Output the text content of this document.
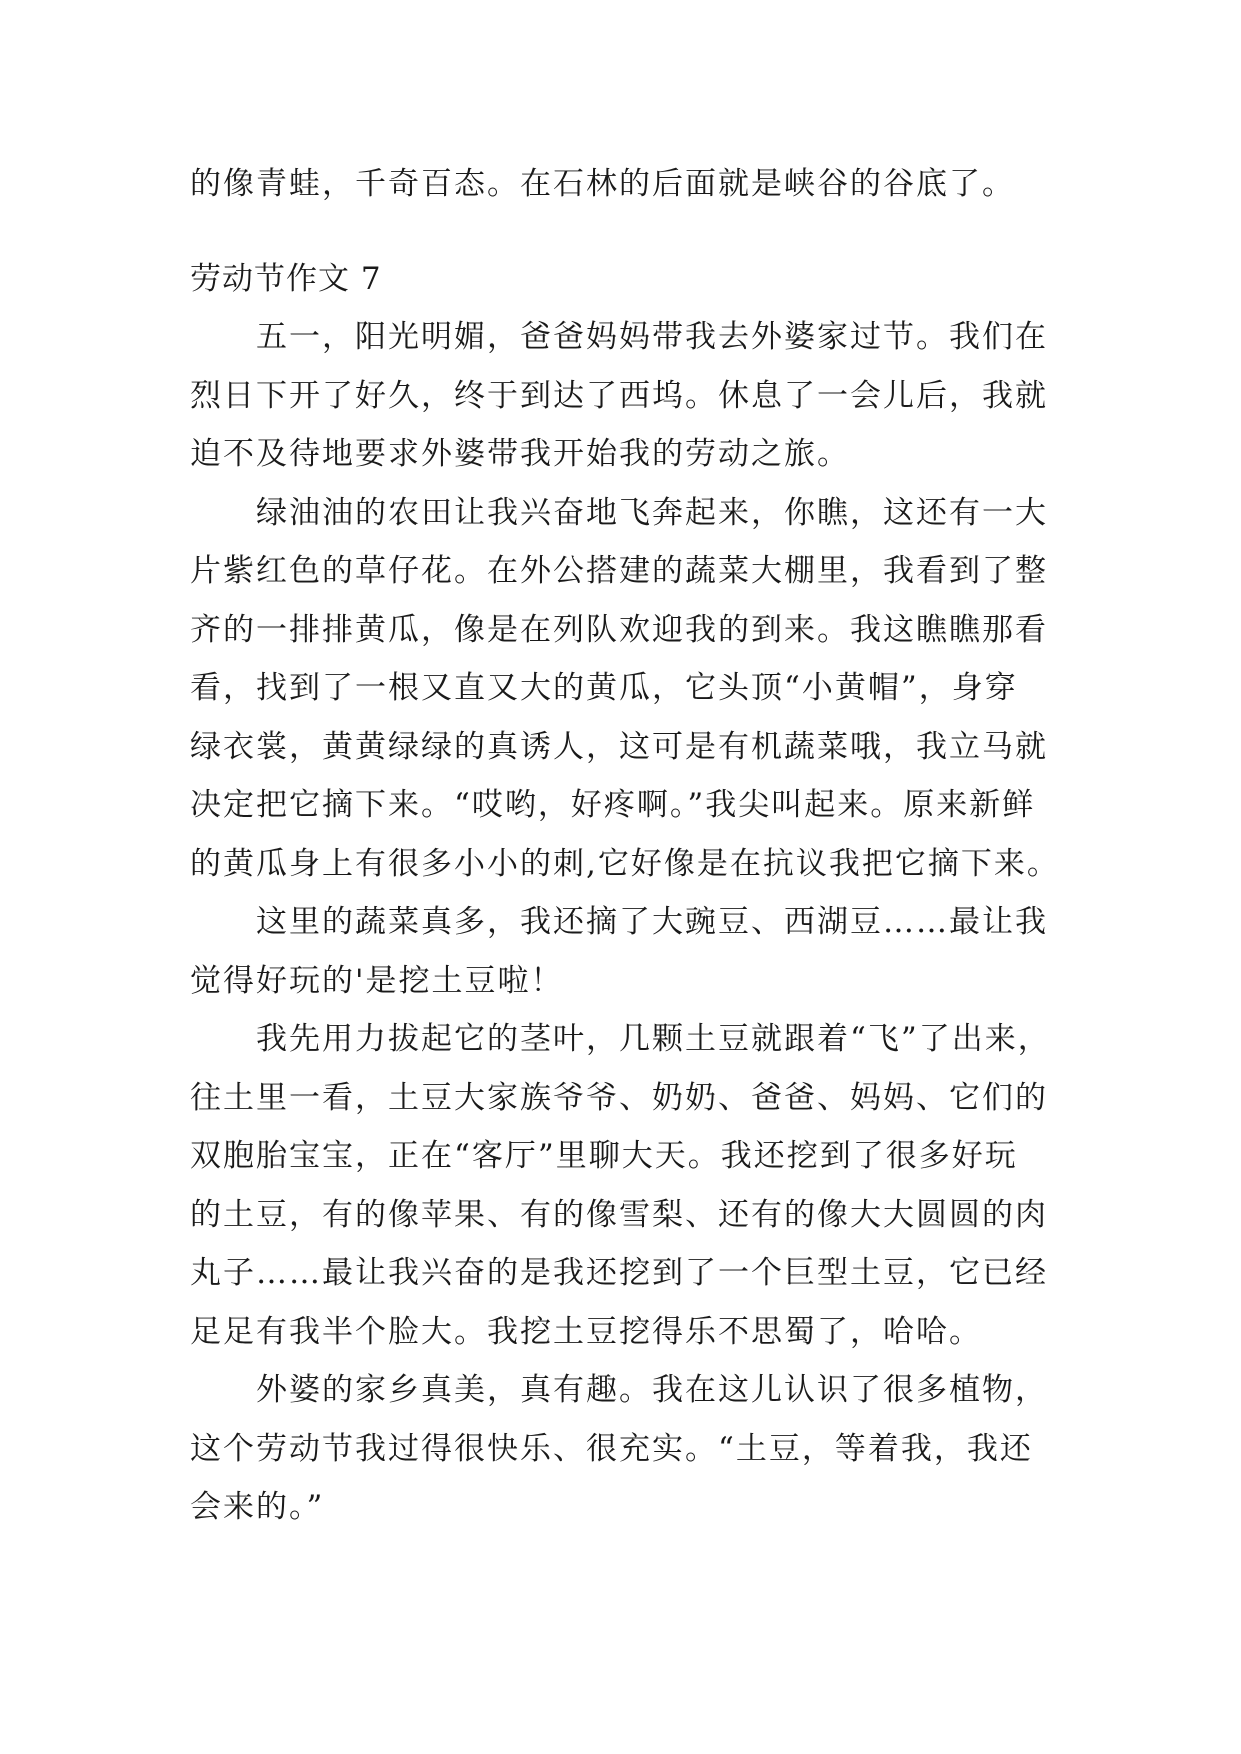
的像青蛙，千奇百态。在石林的后面就是峡谷的谷底了。

劳动节作文 7

五一，阳光明媚，爸爸妈妈带我去外婆家过节。我们在

烈日下开了好久，终于到达了西坞。休息了一会儿后，我就

迫不及待地要求外婆带我开始我的劳动之旅。

绿油油的农田让我兴奋地飞奔起来，你瞧，这还有一大

片紫红色的草仔花。在外公搭建的蔬菜大棚里，我看到了整

齐的一排排黄瓜，像是在列队欢迎我的到来。我这瞧瞧那看

看，找到了一根又直又大的黄瓜，它头顶“小黄帽”，身穿

绿衣裳，黄黄绿绿的真诱人，这可是有机蔬菜哦，我立马就

决定把它摘下来。“哎哟，好疼啊。”我尖叫起来。原来新鲜

的黄瓜身上有很多小小的刺,它好像是在抗议我把它摘下来。

这里的蔬菜真多，我还摘了大豌豆、西湖豆……最让我

觉得好玩的'是挖土豆啦！

我先用力拔起它的茎叶，几颗土豆就跟着“飞”了出来，

往土里一看，土豆大家族爷爷、奶奶、爸爸、妈妈、它们的

双胞胎宝宝，正在“客厅”里聊大天。我还挖到了很多好玩

的土豆，有的像苹果、有的像雪梨、还有的像大大圆圆的肉

丸子……最让我兴奋的是我还挖到了一个巨型土豆，它已经

足足有我半个脸大。我挖土豆挖得乐不思蜀了，哈哈。

外婆的家乡真美，真有趣。我在这儿认识了很多植物，

这个劳动节我过得很快乐、很充实。“土豆，等着我，我还

会来的。”
